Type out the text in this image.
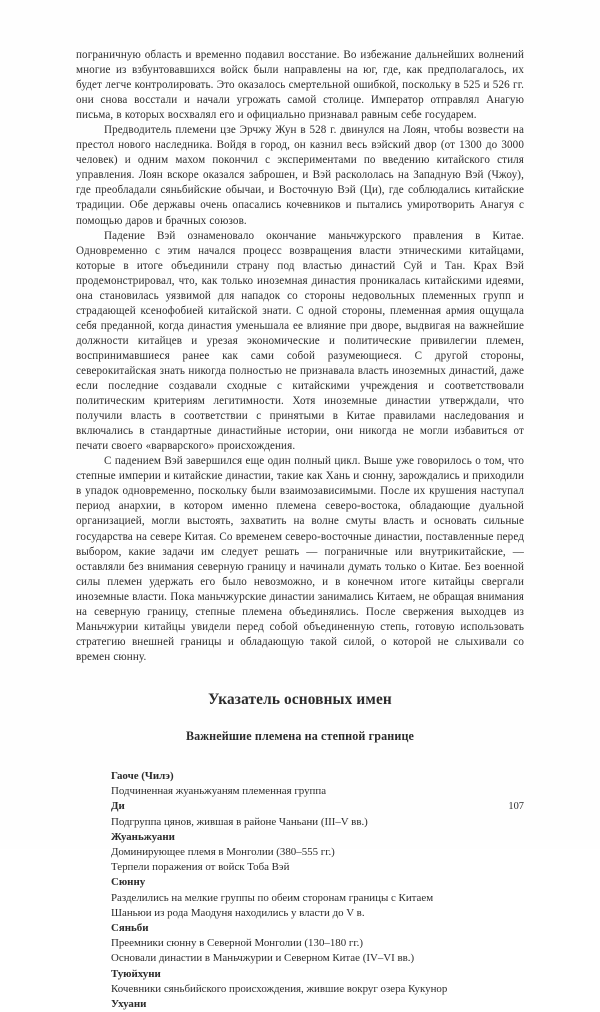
пограничную область и временно подавил восстание. Во избежание дальнейших волнений многие из взбунтовавшихся войск были направлены на юг, где, как предполагалось, их будет легче контролировать. Это оказалось смертельной ошибкой, поскольку в 525 и 526 гг. они снова восстали и начали угрожать самой столице. Император отправлял Анагую письма, в которых восхвалял его и официально признавал равным себе государем.

Предводитель племени цзе Эрчжу Жун в 528 г. двинулся на Лоян, чтобы возвести на престол нового наследника. Войдя в город, он казнил весь вэйский двор (от 1300 до 3000 человек) и одним махом покончил с экспериментами по введению китайского стиля управления. Лоян вскоре оказался заброшен, и Вэй раскололась на Западную Вэй (Чжоу), где преобладали сяньбийские обычаи, и Восточную Вэй (Ци), где соблюдались китайские традиции. Обе державы очень опасались кочевников и пытались умиротворить Анагуя с помощью даров и брачных союзов.

Падение Вэй ознаменовало окончание маньчжурского правления в Китае. Одновременно с этим начался процесс возвращения власти этническими китайцами, которые в итоге объединили страну под властью династий Суй и Тан. Крах Вэй продемонстрировал, что, как только иноземная династия проникалась китайскими идеями, она становилась уязвимой для нападок со стороны недовольных племенных групп и страдающей ксенофобией китайской знати. С одной стороны, племенная армия ощущала себя преданной, когда династия уменьшала ее влияние при дворе, выдвигая на важнейшие должности китайцев и урезая экономические и политические привилегии племен, воспринимавшиеся ранее как сами собой разумеющиеся. С другой стороны, северокитайская знать никогда полностью не признавала власть иноземных династий, даже если последние создавали сходные с китайскими учреждения и соответствовали политическим критериям легитимности. Хотя иноземные династии утверждали, что получили власть в соответствии с принятыми в Китае правилами наследования и включались в стандартные династийные истории, они никогда не могли избавиться от печати своего «варварского» происхождения.

С падением Вэй завершился еще один полный цикл. Выше уже говорилось о том, что степные империи и китайские династии, такие как Хань и сюнну, зарождались и приходили в упадок одновременно, поскольку были взаимозависимыми. После их крушения наступал период анархии, в котором именно племена северо-востока, обладающие дуальной организацией, могли выстоять, захватить на волне смуты власть и основать сильные государства на севере Китая. Со временем северо-восточные династии, поставленные перед выбором, какие задачи им следует решать — пограничные или внутрикитайские, — оставляли без внимания северную границу и начинали думать только о Китае. Без военной силы племен удержать его было невозможно, и в конечном итоге китайцы свергали иноземные власти. Пока маньчжурские династии занимались Китаем, не обращая внимания на северную границу, степные племена объединялись. После свержения выходцев из Маньчжурии китайцы увидели перед собой объединенную степь, готовую использовать стратегию внешней границы и обладающую такой силой, о которой не слыхивали со времен сюнну.

Указатель основных имен
Важнейшие племена на степной границе

Гаоче (Чилэ)

Подчиненная жуаньжуаням племенная группа

Ди

Подгруппа цянов, жившая в районе Чаньани (III–V вв.)

Жуаньжуани

Доминирующее племя в Монголии (380–555 гг.)

Терпели поражения от войск Тоба Вэй

Сюнну

Разделились на мелкие группы по обеим сторонам границы с Китаем

Шаньюи из рода Маодуня находились у власти до V в.

Сяньби

Преемники сюнну в Северной Монголии (130–180 гг.)

Основали династии в Маньчжурии и Северном Китае (IV–VI вв.)

Туюйхуни

Кочевники сяньбийского происхождения, жившие вокруг озера Кукунор

Ухуани

107
